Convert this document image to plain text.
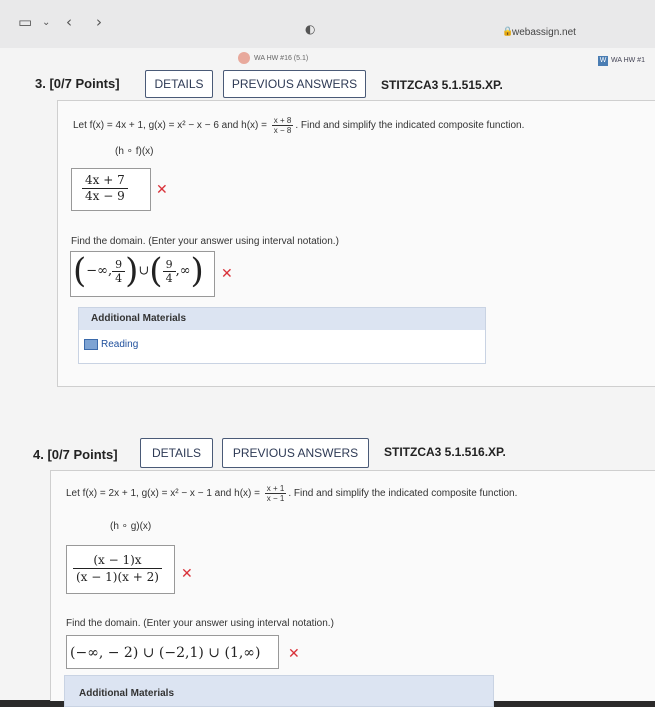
▭ ⌄ ‹ ›	◐	🔒
webassign.net
WA HW #16 (5.1)	W WA HW #1
3. [0/7 Points]	DETAILS	PREVIOUS ANSWERS	STITZCA3 5.1.515.XP.
Let f(x) = 4x + 1, g(x) = x² − x − 6 and $h(x) = \frac{x + 8}{x - 8}$ . Find and simplify the indicated composite function.
(h ∘ f)(x)
$\frac{4x + 7}{4x - 9}$ ✕
Find the domain. (Enter your answer using interval notation.)
(−∞, $\frac{9}{4}$ )∪( $\frac{9}{4}$ ,∞) ✕
Additional Materials
Reading
4. [0/7 Points]	DETAILS	PREVIOUS ANSWERS	STITZCA3 5.1.516.XP.
Let f(x) = 2x + 1, g(x) = x² − x − 1 and $h(x) = \frac{x + 1}{x - 1}$ . Find and simplify the indicated composite function.
(h ∘ g)(x)
$\frac{(x - 1)x}{(x - 1)(x + 2)}$ ✕
Find the domain. (Enter your answer using interval notation.)
(−∞, − 2) ∪ (−2,1) ∪ (1,∞)	✕
Additional Materials
